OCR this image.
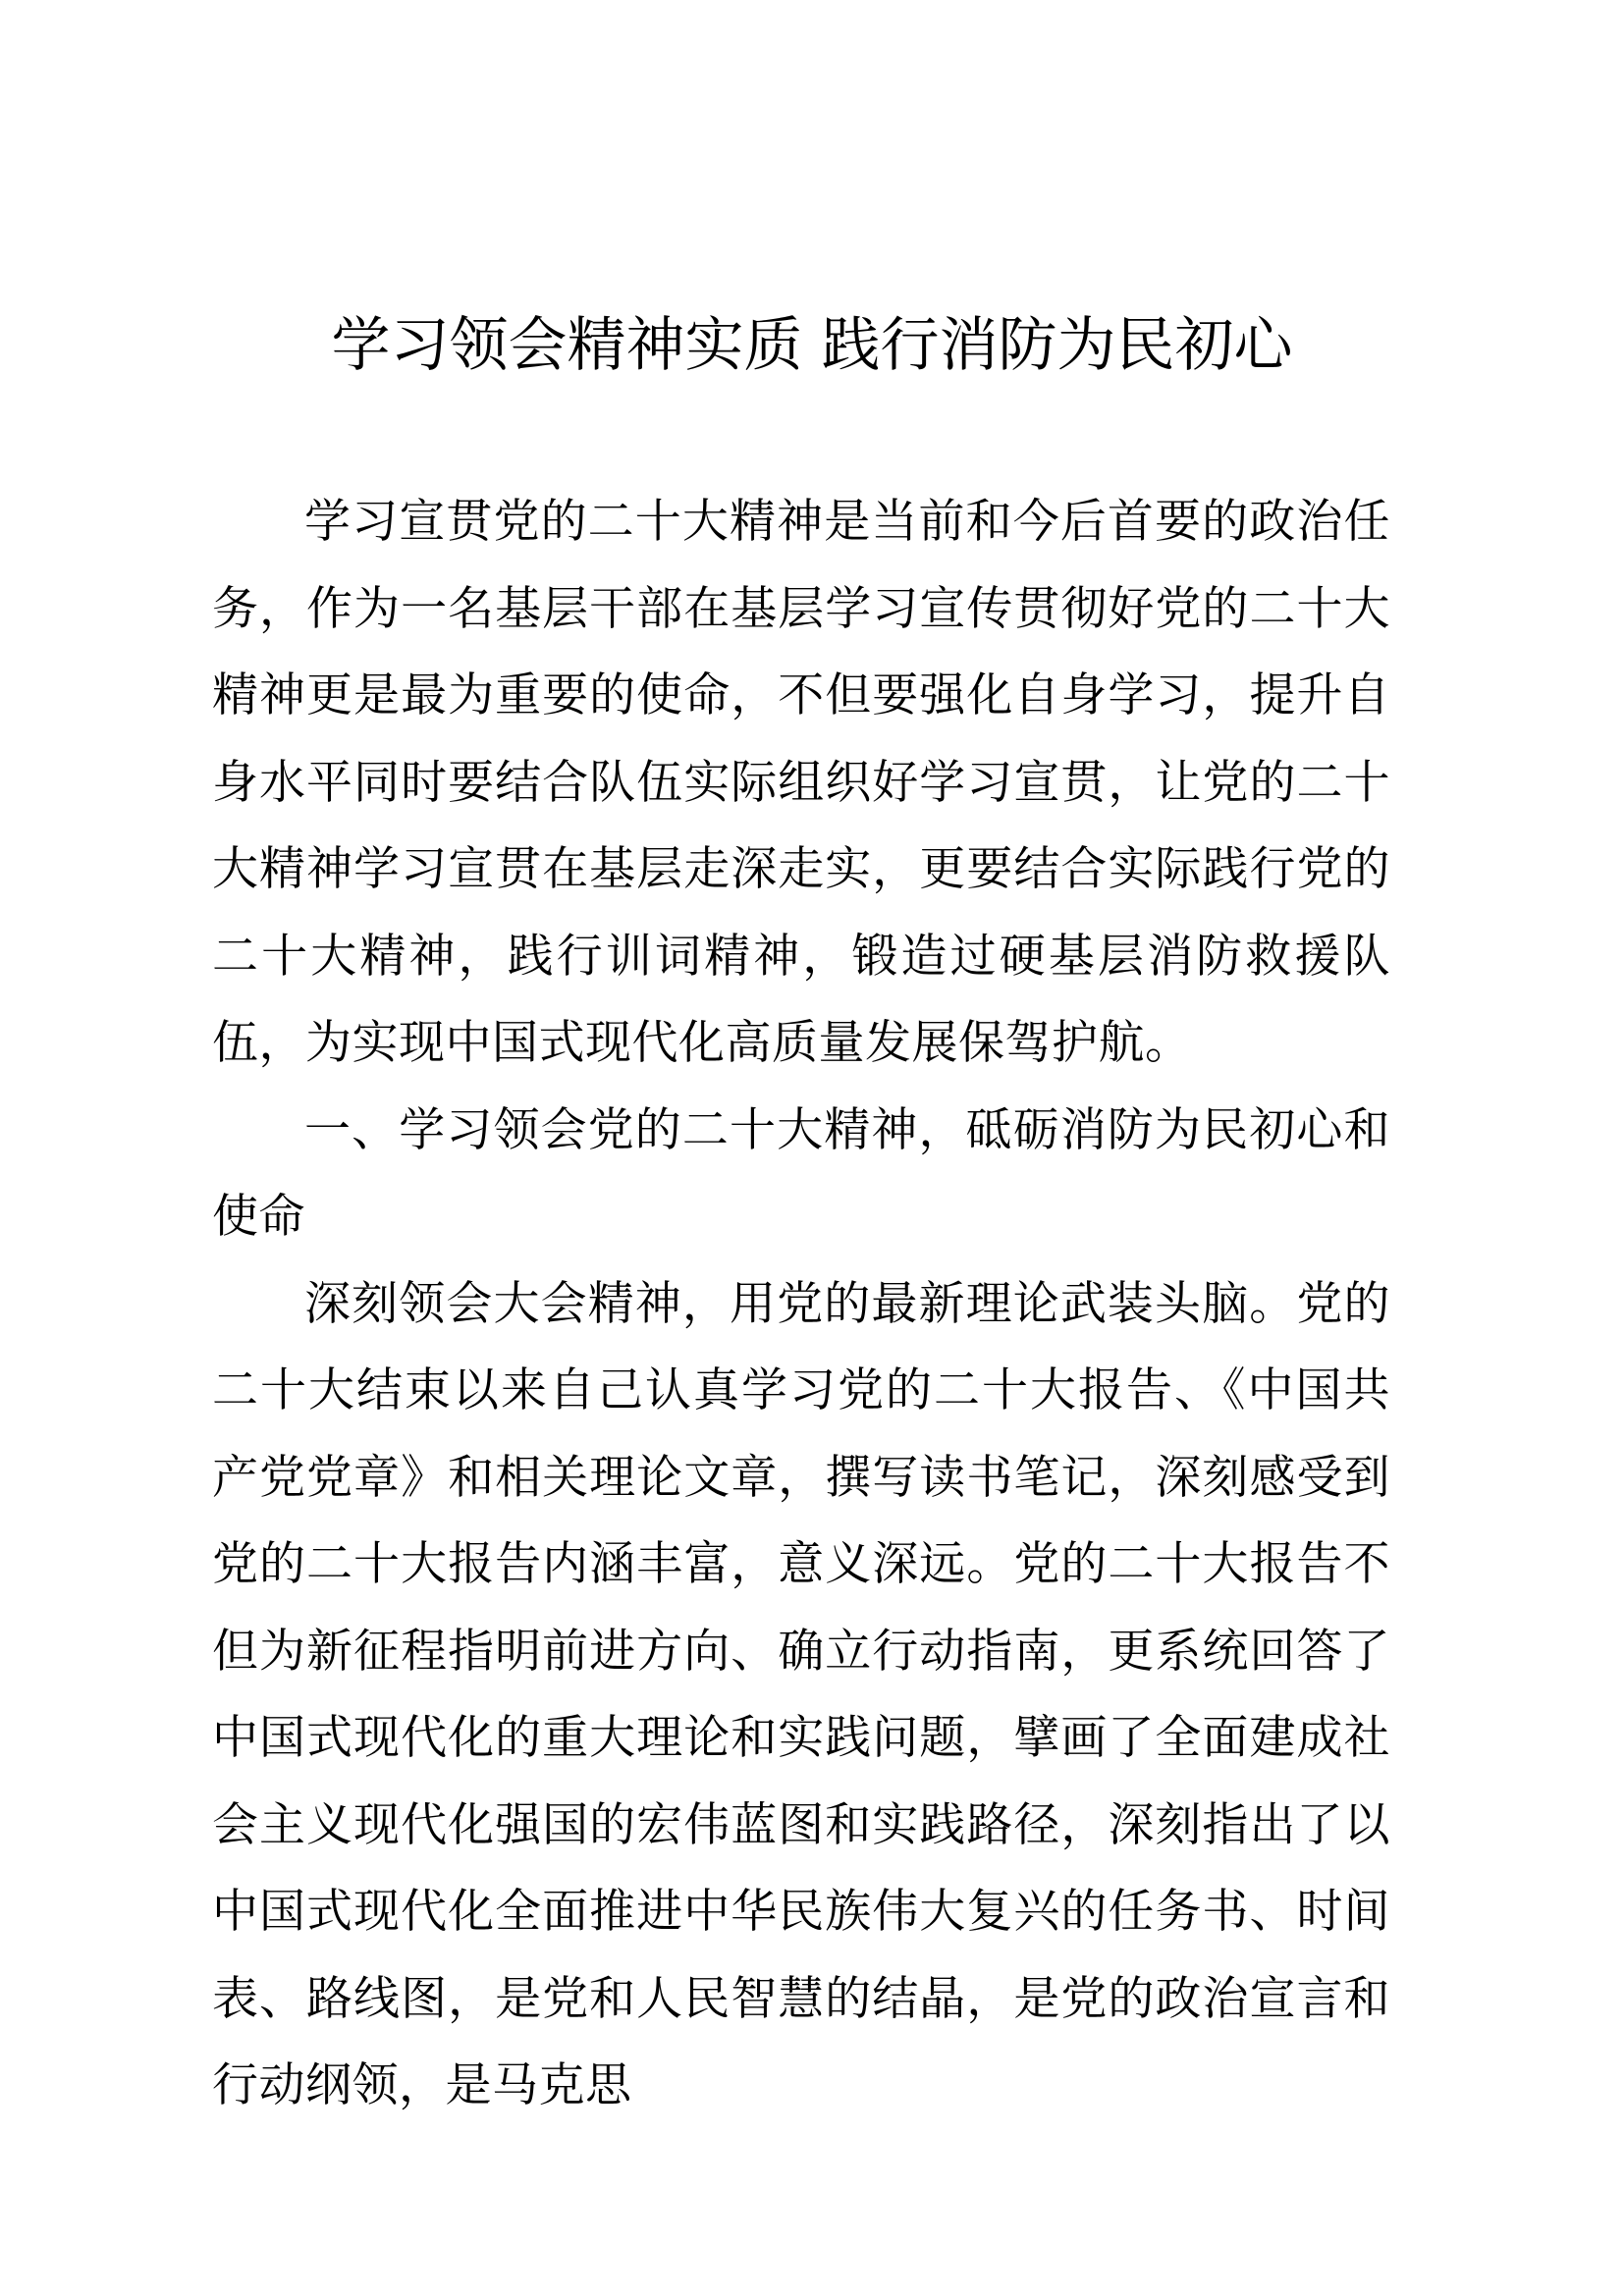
学习领会精神实质 践行消防为民初心

学习宣贯党的二十大精神是当前和今后首要的政治任务，作为一名基层干部在基层学习宣传贯彻好党的二十大精神更是最为重要的使命，不但要强化自身学习，提升自身水平同时要结合队伍实际组织好学习宣贯，让党的二十大精神学习宣贯在基层走深走实，更要结合实际践行党的二十大精神，践行训词精神，锻造过硬基层消防救援队伍，为实现中国式现代化高质量发展保驾护航。

一、学习领会党的二十大精神，砥砺消防为民初心和使命

深刻领会大会精神，用党的最新理论武装头脑。党的二十大结束以来自己认真学习党的二十大报告、《中国共产党党章》和相关理论文章，撰写读书笔记，深刻感受到党的二十大报告内涵丰富，意义深远。党的二十大报告不但为新征程指明前进方向、确立行动指南，更系统回答了中国式现代化的重大理论和实践问题，擘画了全面建成社会主义现代化强国的宏伟蓝图和实践路径，深刻指出了以中国式现代化全面推进中华民族伟大复兴的任务书、时间表、路线图，是党和人民智慧的结晶，是党的政治宣言和行动纲领，是马克思
